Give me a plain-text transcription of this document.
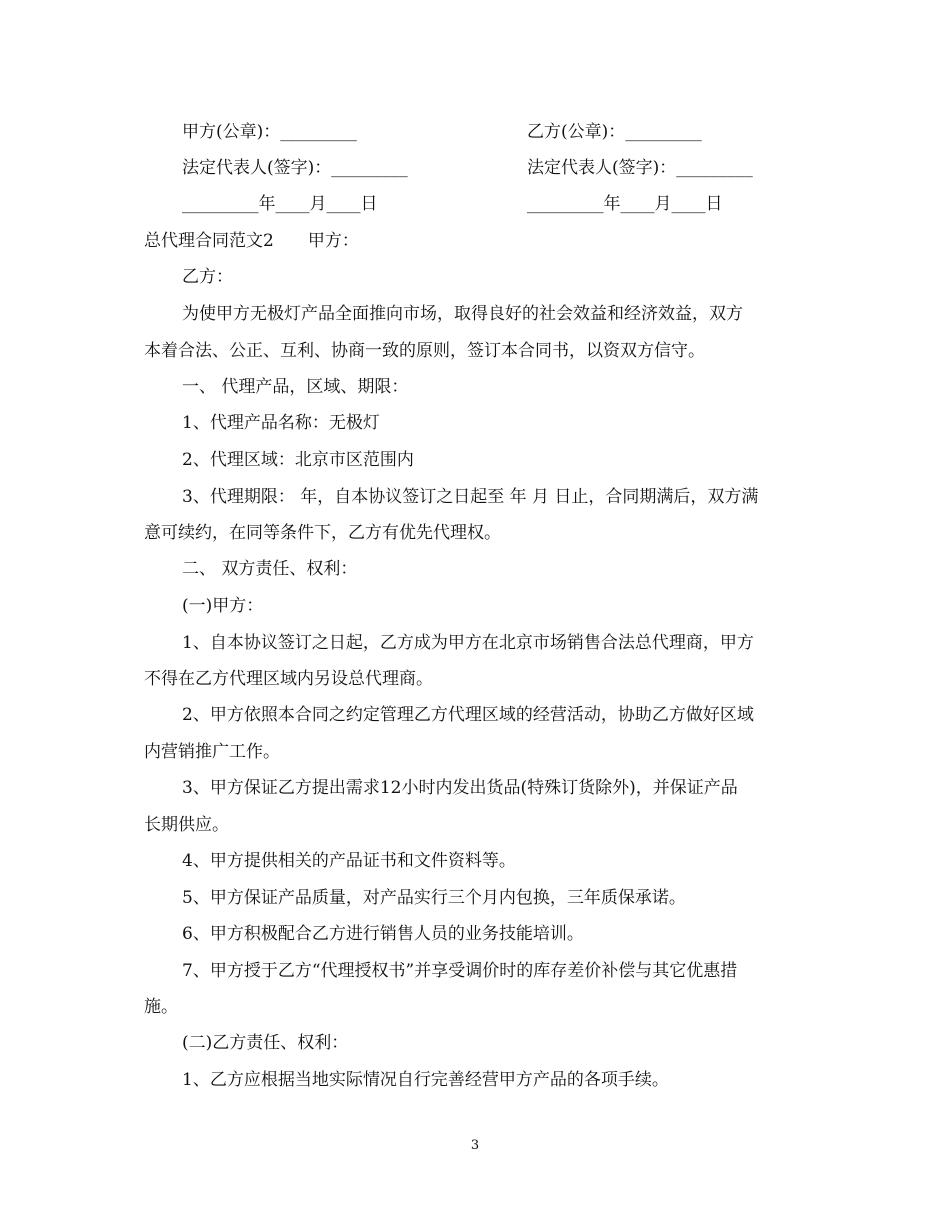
甲方(公章)：_________	乙方(公章)：_________
法定代表人(签字)：_________	法定代表人(签字)：_________
_________年____月____日	_________年____月____日
总代理合同范文2　　甲方：
乙方：
为使甲方无极灯产品全面推向市场，取得良好的社会效益和经济效益，双方
本着合法、公正、互利、协商一致的原则，签订本合同书，以资双方信守。
一、 代理产品，区域、期限：
1、代理产品名称：无极灯
2、代理区域：北京市区范围内
3、代理期限： 年，自本协议签订之日起至 年 月 日止，合同期满后，双方满
意可续约，在同等条件下，乙方有优先代理权。
二、 双方责任、权利：
(一)甲方：
1、自本协议签订之日起，乙方成为甲方在北京市场销售合法总代理商，甲方
不得在乙方代理区域内另设总代理商。
2、甲方依照本合同之约定管理乙方代理区域的经营活动，协助乙方做好区域
内营销推广工作。
3、甲方保证乙方提出需求12小时内发出货品(特殊订货除外)，并保证产品
长期供应。
4、甲方提供相关的产品证书和文件资料等。
5、甲方保证产品质量，对产品实行三个月内包换，三年质保承诺。
6、甲方积极配合乙方进行销售人员的业务技能培训。
7、甲方授于乙方“代理授权书”并享受调价时的库存差价补偿与其它优惠措
施。
(二)乙方责任、权利：
1、乙方应根据当地实际情况自行完善经营甲方产品的各项手续。
3
